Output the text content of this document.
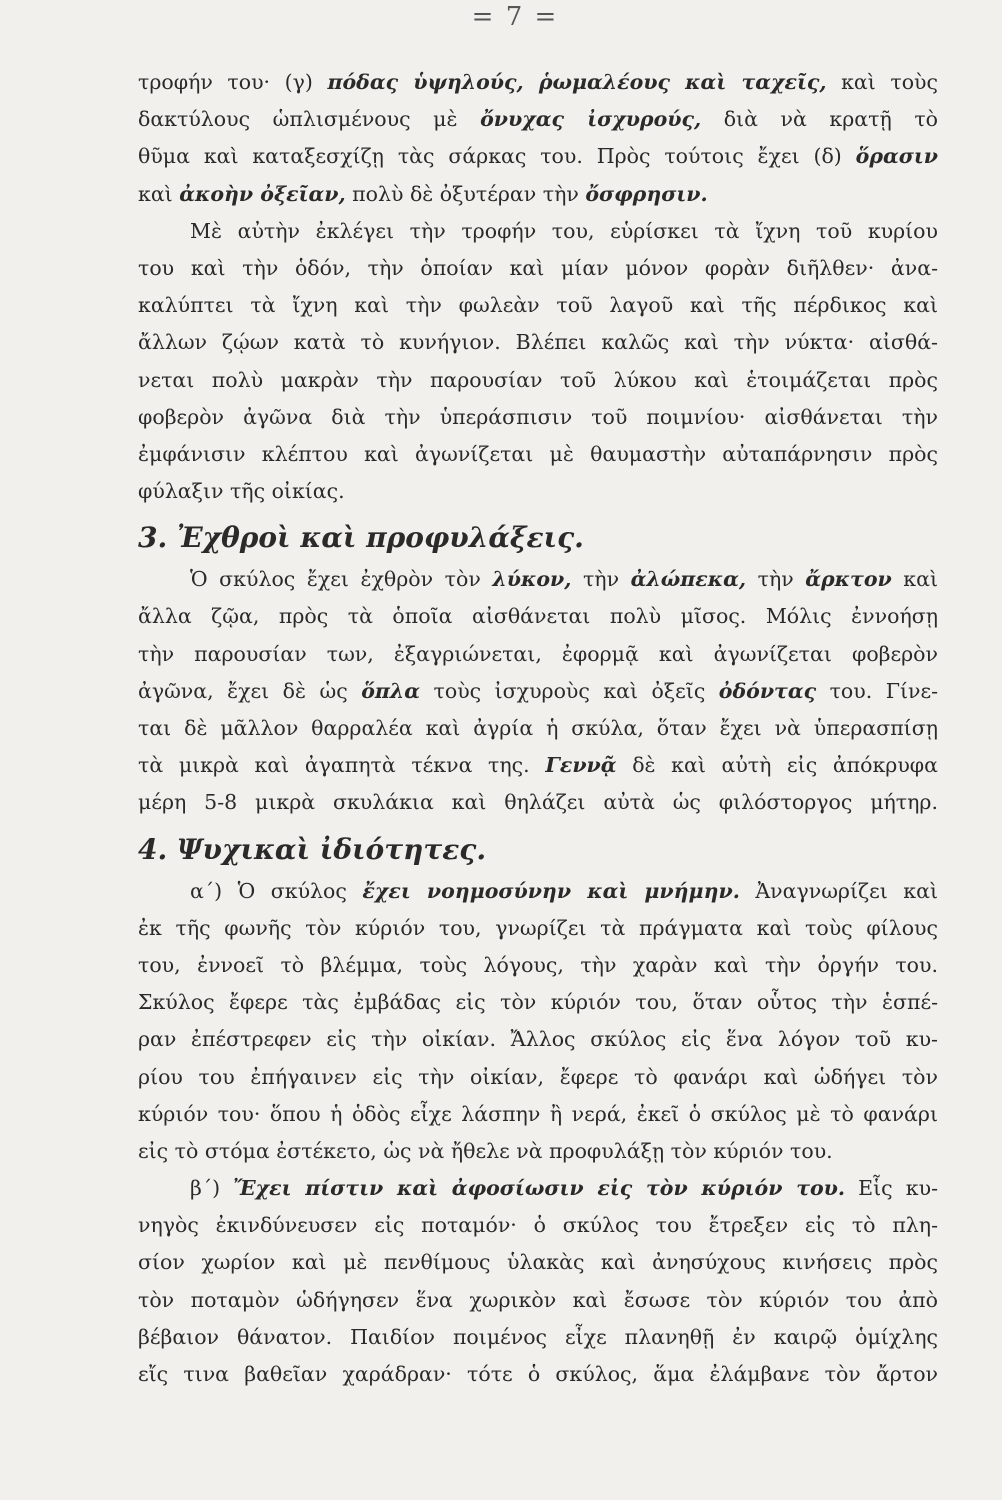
= 7 =
τροφήν του· (γ) πόδας ὑψηλούς, ῥωμαλέους καὶ ταχεῖς, καὶ τοὺς
δακτύλους ὡπλισμένους μὲ ὄνυχας ἰσχυρούς, διὰ νὰ κρατῇ τὸ
θῦμα καὶ καταξεσχίζῃ τὰς σάρκας του. Πρὸς τούτοις ἔχει (δ) ὅρασιν
καὶ ἀκοὴν ὀξεῖαν, πολὺ δὲ ὀξυτέραν τὴν ὄσφρησιν.
Μὲ αὐτὴν ἐκλέγει τὴν τροφήν του, εὑρίσκει τὰ ἴχνη τοῦ κυρίου
του καὶ τὴν ὁδόν, τὴν ὁποίαν καὶ μίαν μόνον φορὰν διῆλθεν· ἀνα-
καλύπτει τὰ ἴχνη καὶ τὴν φωλεὰν τοῦ λαγοῦ καὶ τῆς πέρδικος καὶ
ἄλλων ζῴων κατὰ τὸ κυνήγιον. Βλέπει καλῶς καὶ τὴν νύκτα· αἰσθά-
νεται πολὺ μακρὰν τὴν παρουσίαν τοῦ λύκου καὶ ἑτοιμάζεται πρὸς
φοβερὸν ἀγῶνα διὰ τὴν ὑπεράσπισιν τοῦ ποιμνίου· αἰσθάνεται τὴν
ἐμφάνισιν κλέπτου καὶ ἀγωνίζεται μὲ θαυμαστὴν αὐταπάρνησιν πρὸς
φύλαξιν τῆς οἰκίας.
3. Ἐχθροὶ καὶ προφυλάξεις.
Ὁ σκύλος ἔχει ἐχθρὸν τὸν λύκον, τὴν ἀλώπεκα, τὴν ἄρκτον καὶ
ἄλλα ζῷα, πρὸς τὰ ὁποῖα αἰσθάνεται πολὺ μῖσος. Μόλις ἐννοήσῃ
τὴν παρουσίαν των, ἐξαγριώνεται, ἐφορμᾷ καὶ ἀγωνίζεται φοβερὸν
ἀγῶνα, ἔχει δὲ ὡς ὅπλα τοὺς ἰσχυροὺς καὶ ὀξεῖς ὀδόντας του. Γίνε-
ται δὲ μᾶλλον θαρραλέα καὶ ἀγρία ἡ σκύλα, ὅταν ἔχει νὰ ὑπερασπίσῃ
τὰ μικρὰ καὶ ἀγαπητὰ τέκνα της. Γεννᾷ δὲ καὶ αὐτὴ εἰς ἀπόκρυφα
μέρη 5-8 μικρὰ σκυλάκια καὶ θηλάζει αὐτὰ ὡς φιλόστοργος μήτηρ.
4. Ψυχικαὶ ἰδιότητες.
α΄) Ὁ σκύλος ἔχει νοημοσύνην καὶ μνήμην. Ἀναγνωρίζει καὶ
ἐκ τῆς φωνῆς τὸν κύριόν του, γνωρίζει τὰ πράγματα καὶ τοὺς φίλους
του, ἐννοεῖ τὸ βλέμμα, τοὺς λόγους, τὴν χαρὰν καὶ τὴν ὀργήν του.
Σκύλος ἔφερε τὰς ἐμβάδας εἰς τὸν κύριόν του, ὅταν οὗτος τὴν ἑσπέ-
ραν ἐπέστρεφεν εἰς τὴν οἰκίαν. Ἄλλος σκύλος εἰς ἕνα λόγον τοῦ κυ-
ρίου του ἐπήγαινεν εἰς τὴν οἰκίαν, ἔφερε τὸ φανάρι καὶ ὡδήγει τὸν
κύριόν του· ὅπου ἡ ὁδὸς εἶχε λάσπην ἢ νερά, ἐκεῖ ὁ σκύλος μὲ τὸ φανάρι
εἰς τὸ στόμα ἐστέκετο, ὡς νὰ ἤθελε νὰ προφυλάξῃ τὸν κύριόν του.
β΄) Ἔχει πίστιν καὶ ἀφοσίωσιν εἰς τὸν κύριόν του. Εἷς κυ-
νηγὸς ἐκινδύνευσεν εἰς ποταμόν· ὁ σκύλος του ἔτρεξεν εἰς τὸ πλη-
σίον χωρίον καὶ μὲ πενθίμους ὑλακὰς καὶ ἀνησύχους κινήσεις πρὸς
τὸν ποταμὸν ὡδήγησεν ἕνα χωρικὸν καὶ ἔσωσε τὸν κύριόν του ἀπὸ
βέβαιον θάνατον. Παιδίον ποιμένος εἶχε πλανηθῇ ἐν καιρῷ ὁμίχλης
εἴς τινα βαθεῖαν χαράδραν· τότε ὁ σκύλος, ἅμα ἐλάμβανε τὸν ἄρτον
